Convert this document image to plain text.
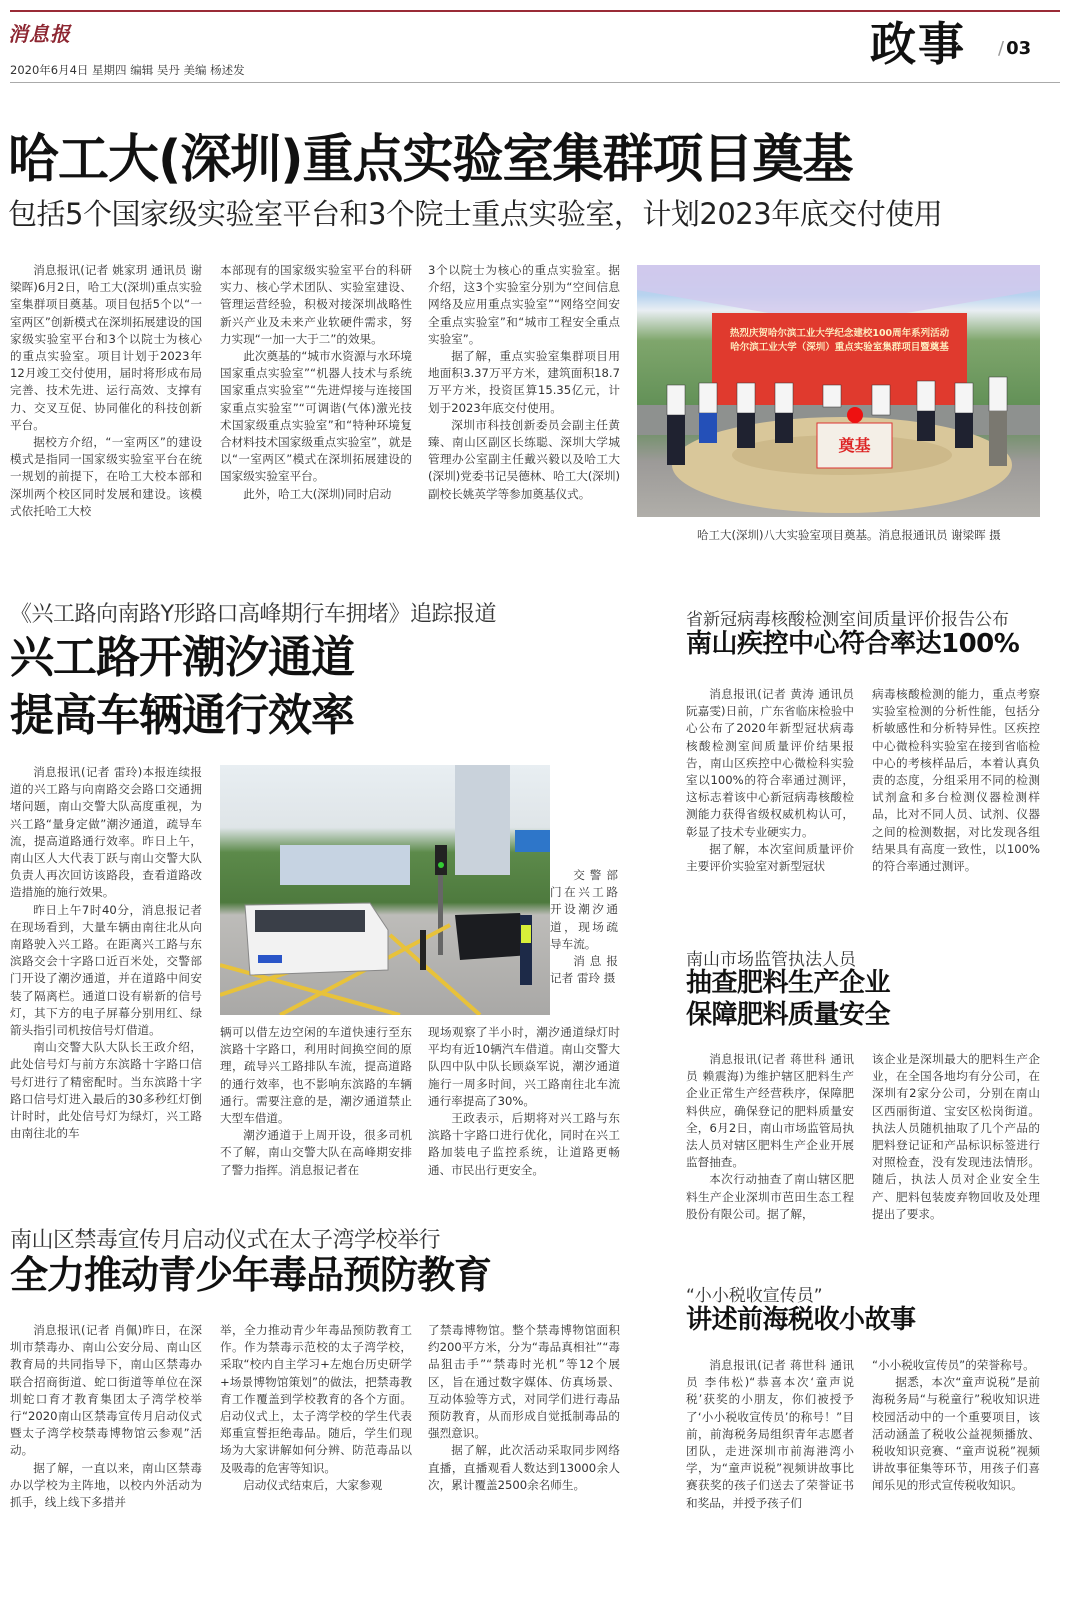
消息报
2020年6月4日 星期四 编辑 吴丹 美编 杨述发	政事 / 03
哈工大(深圳)重点实验室集群项目奠基
包括5个国家级实验室平台和3个院士重点实验室，计划2023年底交付使用

消息报讯(记者 姚家玥 通讯员 谢梁晖)6月2日，哈工大(深圳)重点实验室集群项目奠基。项目包括5个以“一室两区”创新模式在深圳拓展建设的国家级实验室平台和3个以院士为核心的重点实验室。项目计划于2023年12月竣工交付使用，届时将形成布局完善、技术先进、运行高效、支撑有力、交叉互促、协同催化的科技创新平台。

据校方介绍，“一室两区”的建设模式是指同一国家级实验室平台在统一规划的前提下，在哈工大校本部和深圳两个校区同时发展和建设。该模式依托哈工大校

本部现有的国家级实验室平台的科研实力、核心学术团队、实验室建设、管理运营经验，积极对接深圳战略性新兴产业及未来产业软硬件需求，努力实现“一加一大于二”的效果。

此次奠基的“城市水资源与水环境国家重点实验室”“机器人技术与系统国家重点实验室”“先进焊接与连接国家重点实验室”“可调谐(气体)激光技术国家级重点实验室”和“特种环境复合材料技术国家级重点实验室”，就是以“一室两区”模式在深圳拓展建设的国家级实验室平台。

此外，哈工大(深圳)同时启动

3个以院士为核心的重点实验室。据介绍，这3个实验室分别为“空间信息网络及应用重点实验室”“网络空间安全重点实验室”和“城市工程安全重点实验室”。

据了解，重点实验室集群项目用地面积3.37万平方米，建筑面积18.7万平方米，投资匡算15.35亿元，计划于2023年底交付使用。

深圳市科技创新委员会副主任黄臻、南山区副区长练聪、深圳大学城管理办公室副主任戴兴毅以及哈工大(深圳)党委书记吴德林、哈工大(深圳)副校长姚英学等参加奠基仪式。

热烈庆贺哈尔滨工业大学纪念建校100周年系列活动
哈尔滨工业大学（深圳）重点实验室集群项目暨奠基
奠基
哈工大(深圳)八大实验室项目奠基。消息报通讯员 谢梁晖 摄
《兴工路向南路Y形路口高峰期行车拥堵》追踪报道
兴工路开潮汐通道
提高车辆通行效率

消息报讯(记者 雷玲)本报连续报道的兴工路与向南路交会路口交通拥堵问题，南山交警大队高度重视，为兴工路“量身定做”潮汐通道，疏导车流，提高道路通行效率。昨日上午，南山区人大代表丁跃与南山交警大队负责人再次回访该路段，查看道路改造措施的施行效果。

昨日上午7时40分，消息报记者在现场看到，大量车辆由南往北从向南路驶入兴工路。在距离兴工路与东滨路交会十字路口近百米处，交警部门开设了潮汐通道，并在道路中间安装了隔离栏。通道口设有崭新的信号灯，其下方的电子屏幕分别用红、绿箭头指引司机按信号灯借道。

南山交警大队大队长王政介绍，此处信号灯与前方东滨路十字路口信号灯进行了精密配时。当东滨路十字路口信号灯进入最后的30多秒红灯倒计时时，此处信号灯为绿灯，兴工路由南往北的车

交警部门在兴工路开设潮汐通道，现场疏导车流。

消息报记者 雷玲 摄

辆可以借左边空闲的车道快速行至东滨路十字路口，利用时间换空间的原理，疏导兴工路排队车流，提高道路的通行效率，也不影响东滨路的车辆通行。需要注意的是，潮汐通道禁止大型车借道。

潮汐通道于上周开设，很多司机不了解，南山交警大队在高峰期安排了警力指挥。消息报记者在

现场观察了半小时，潮汐通道绿灯时平均有近10辆汽车借道。南山交警大队四中队中队长顾焱军说，潮汐通道施行一周多时间，兴工路南往北车流通行率提高了30%。

王政表示，后期将对兴工路与东滨路十字路口进行优化，同时在兴工路加装电子监控系统，让道路更畅通、市民出行更安全。

省新冠病毒核酸检测室间质量评价报告公布
南山疾控中心符合率达100%

消息报讯(记者 黄涛 通讯员 阮嘉雯)日前，广东省临床检验中心公布了2020年新型冠状病毒核酸检测室间质量评价结果报告，南山区疾控中心微检科实验室以100%的符合率通过测评，这标志着该中心新冠病毒核酸检测能力获得省级权威机构认可，彰显了技术专业硬实力。

据了解，本次室间质量评价主要评价实验室对新型冠状

病毒核酸检测的能力，重点考察实验室检测的分析性能，包括分析敏感性和分析特异性。区疾控中心微检科实验室在接到省临检中心的考核样品后，本着认真负责的态度，分组采用不同的检测试剂盒和多台检测仪器检测样品，比对不同人员、试剂、仪器之间的检测数据，对比发现各组结果具有高度一致性，以100%的符合率通过测评。

南山市场监管执法人员
抽查肥料生产企业
保障肥料质量安全

消息报讯(记者 蒋世科 通讯员 赖震海)为维护辖区肥料生产企业正常生产经营秩序，保障肥料供应，确保登记的肥料质量安全，6月2日，南山市场监管局执法人员对辖区肥料生产企业开展监督抽查。

本次行动抽查了南山辖区肥料生产企业深圳市芭田生态工程股份有限公司。据了解，

该企业是深圳最大的肥料生产企业，在全国各地均有分公司，在深圳有2家分公司，分别在南山区西丽街道、宝安区松岗街道。执法人员随机抽取了几个产品的肥料登记证和产品标识标签进行对照检查，没有发现违法情形。随后，执法人员对企业安全生产、肥料包装废弃物回收及处理提出了要求。

南山区禁毒宣传月启动仪式在太子湾学校举行
全力推动青少年毒品预防教育

消息报讯(记者 肖佩)昨日，在深圳市禁毒办、南山公安分局、南山区教育局的共同指导下，南山区禁毒办联合招商街道、蛇口街道等单位在深圳蛇口育才教育集团太子湾学校举行“2020南山区禁毒宣传月启动仪式暨太子湾学校禁毒博物馆云参观”活动。

据了解，一直以来，南山区禁毒办以学校为主阵地，以校内外活动为抓手，线上线下多措并

举，全力推动青少年毒品预防教育工作。作为禁毒示范校的太子湾学校，采取“校内自主学习+左炮台历史研学+场景博物馆策划”的做法，把禁毒教育工作覆盖到学校教育的各个方面。启动仪式上，太子湾学校的学生代表郑重宣誓拒绝毒品。随后，学生们现场为大家讲解如何分辨、防范毒品以及吸毒的危害等知识。

启动仪式结束后，大家参观

了禁毒博物馆。整个禁毒博物馆面积约200平方米，分为“毒品真相社”“毒品狙击手”“禁毒时光机”等12个展区，旨在通过数字媒体、仿真场景、互动体验等方式，对同学们进行毒品预防教育，从而形成自觉抵制毒品的强烈意识。

据了解，此次活动采取同步网络直播，直播观看人数达到13000余人次，累计覆盖2500余名师生。

“小小税收宣传员”
讲述前海税收小故事

消息报讯(记者 蒋世科 通讯员 李伟松)“恭喜本次‘童声说税’获奖的小朋友，你们被授予了‘小小税收宣传员’的称号！”目前，前海税务局组织青年志愿者团队，走进深圳市前海港湾小学，为“童声说税”视频讲故事比赛获奖的孩子们送去了荣誉证书和奖品，并授予孩子们

“小小税收宣传员”的荣誉称号。

据悉，本次“童声说税”是前海税务局“与税童行”税收知识进校园活动中的一个重要项目，该活动涵盖了税收公益视频播放、税收知识竞赛、“童声说税”视频讲故事征集等环节，用孩子们喜闻乐见的形式宣传税收知识。
